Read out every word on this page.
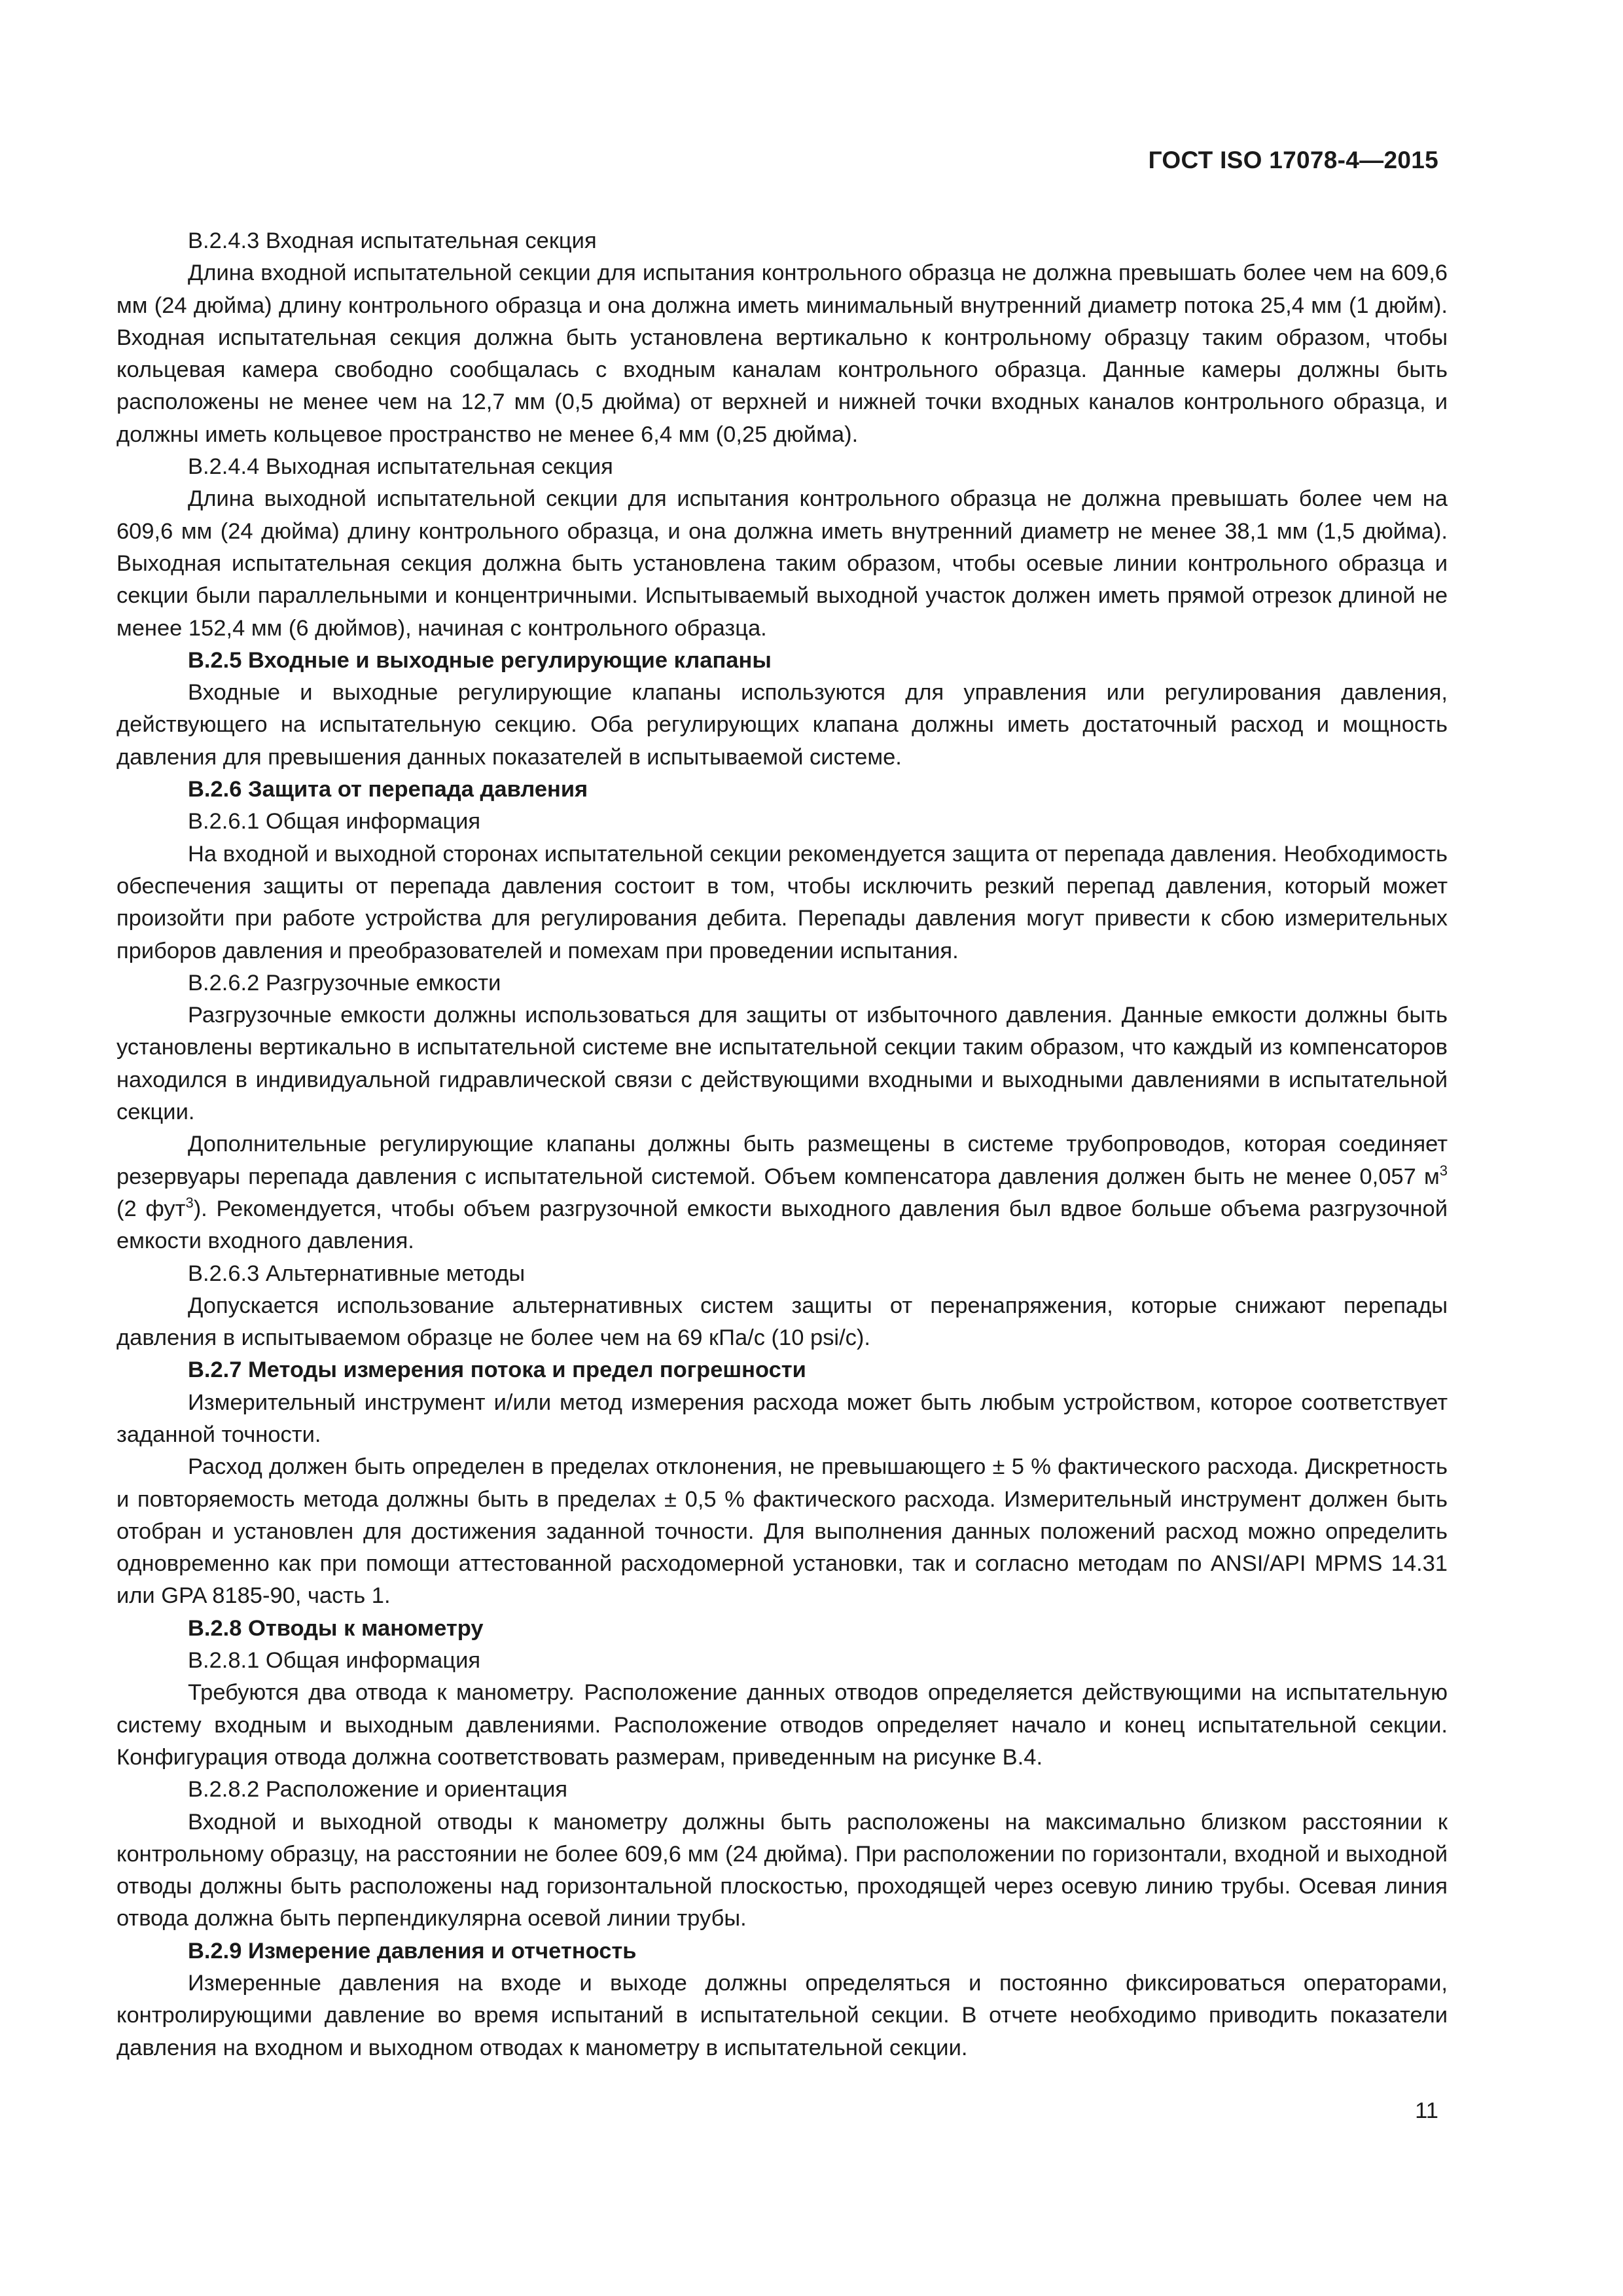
ГОСТ ISO 17078-4—2015

В.2.4.3 Входная испытательная секция

Длина входной испытательной секции для испытания контрольного образца не должна превышать более чем на 609,6 мм (24 дюйма) длину контрольного образца и она должна иметь минимальный внутренний диаметр потока 25,4 мм (1 дюйм). Входная испытательная секция должна быть установлена вертикально к контрольному образцу таким образом, чтобы кольцевая камера свободно сообщалась с входным каналам контрольного образца. Данные камеры должны быть расположены не менее чем на 12,7 мм (0,5 дюйма) от верхней и нижней точки входных каналов контрольного образца, и должны иметь кольцевое пространство не менее 6,4 мм (0,25 дюйма).

В.2.4.4 Выходная испытательная секция

Длина выходной испытательной секции для испытания контрольного образца не должна превышать более чем на 609,6 мм (24 дюйма) длину контрольного образца, и она должна иметь внутренний диаметр не менее 38,1 мм (1,5 дюйма). Выходная испытательная секция должна быть установлена таким образом, чтобы осевые линии контрольного образца и секции были параллельными и концентричными. Испытываемый выходной участок должен иметь прямой отрезок длиной не менее 152,4 мм (6 дюймов), начиная с контрольного образца.

В.2.5 Входные и выходные регулирующие клапаны

Входные и выходные регулирующие клапаны используются для управления или регулирования давления, действующего на испытательную секцию. Оба регулирующих клапана должны иметь достаточный расход и мощность давления для превышения данных показателей в испытываемой системе.

В.2.6 Защита от перепада давления

В.2.6.1 Общая информация

На входной и выходной сторонах испытательной секции рекомендуется защита от перепада давления. Необходимость обеспечения защиты от перепада давления состоит в том, чтобы исключить резкий перепад давления, который может произойти при работе устройства для регулирования дебита. Перепады давления могут привести к сбою измерительных приборов давления и преобразователей и помехам при проведении испытания.

В.2.6.2 Разгрузочные емкости

Разгрузочные емкости должны использоваться для защиты от избыточного давления. Данные емкости должны быть установлены вертикально в испытательной системе вне испытательной секции таким образом, что каждый из компенсаторов находился в индивидуальной гидравлической связи с действующими входными и выходными давлениями в испытательной секции.

Дополнительные регулирующие клапаны должны быть размещены в системе трубопроводов, которая соединяет резервуары перепада давления с испытательной системой. Объем компенсатора давления должен быть не менее 0,057 $м^3$ (2 фут$^3$). Рекомендуется, чтобы объем разгрузочной емкости выходного давления был вдвое больше объема разгрузочной емкости входного давления.

В.2.6.3 Альтернативные методы

Допускается использование альтернативных систем защиты от перенапряжения, которые снижают перепады давления в испытываемом образце не более чем на 69 кПа/с (10 psi/c).

В.2.7 Методы измерения потока и предел погрешности

Измерительный инструмент и/или метод измерения расхода может быть любым устройством, которое соответствует заданной точности.

Расход должен быть определен в пределах отклонения, не превышающего ± 5 % фактического расхода. Дискретность и повторяемость метода должны быть в пределах ± 0,5 % фактического расхода. Измерительный инструмент должен быть отобран и установлен для достижения заданной точности. Для выполнения данных положений расход можно определить одновременно как при помощи аттестованной расходомерной установки, так и согласно методам по ANSI/API MPMS 14.31 или GPA 8185-90, часть 1.

В.2.8 Отводы к манометру

В.2.8.1 Общая информация

Требуются два отвода к манометру. Расположение данных отводов определяется действующими на испытательную систему входным и выходным давлениями. Расположение отводов определяет начало и конец испытательной секции. Конфигурация отвода должна соответствовать размерам, приведенным на рисунке В.4.

В.2.8.2 Расположение и ориентация

Входной и выходной отводы к манометру должны быть расположены на максимально близком расстоянии к контрольному образцу, на расстоянии не более 609,6 мм (24 дюйма). При расположении по горизонтали, входной и выходной отводы должны быть расположены над горизонтальной плоскостью, проходящей через осевую линию трубы. Осевая линия отвода должна быть перпендикулярна осевой линии трубы.

В.2.9 Измерение давления и отчетность

Измеренные давления на входе и выходе должны определяться и постоянно фиксироваться операторами, контролирующими давление во время испытаний в испытательной секции. В отчете необходимо приводить показатели давления на входном и выходном отводах к манометру в испытательной секции.

11
